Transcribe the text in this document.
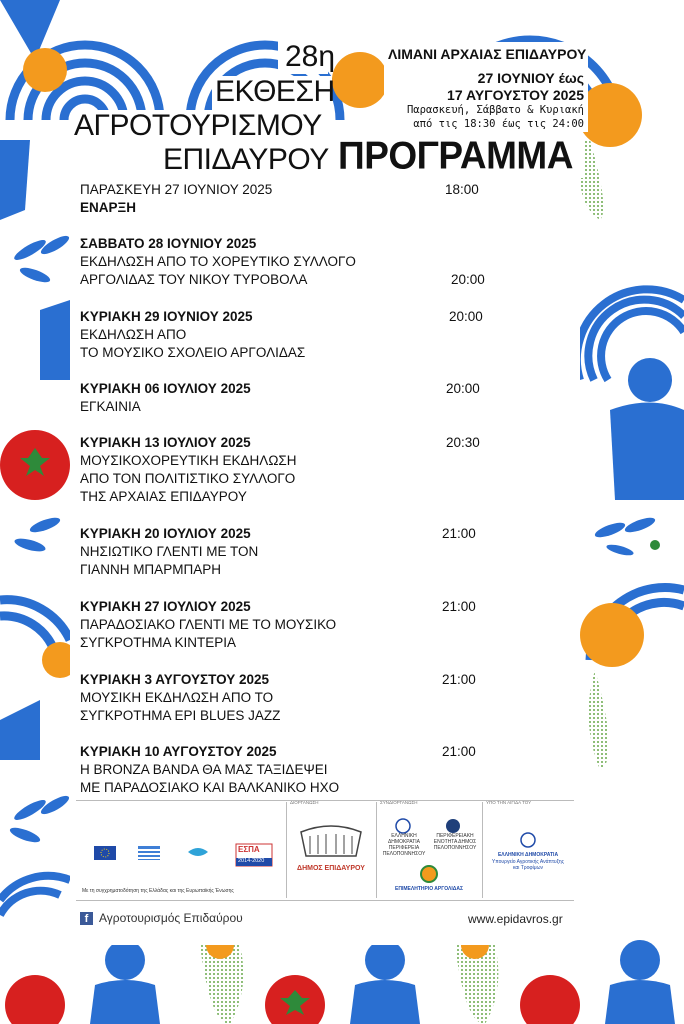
28η
ΕΚΘΕΣΗ
ΑΓΡΟΤΟΥΡΙΣΜΟΥ
ΕΠΙΔΑΥΡΟΥ ΠΡΟΓΡΑΜΜΑ
ΛΙΜΑΝΙ ΑΡΧΑΙΑΣ ΕΠΙΔΑΥΡΟΥ
27 ΙΟΥΝΙΟΥ έως
17 ΑΥΓΟΥΣΤΟΥ 2025
Παρασκευή, Σάββατο & Κυριακή
από τις 18:30 έως τις 24:00
ΠΑΡΑΣΚΕΥΗ 27 ΙΟΥΝΙΟΥ 2025	18:00
ΕΝΑΡΞΗ
ΣΑΒΒΑΤΟ 28 ΙΟΥΝΙΟΥ 2025
ΕΚΔΗΛΩΣΗ ΑΠΟ ΤΟ ΧΟΡΕΥΤΙΚΟ ΣΥΛΛΟΓΟ
ΑΡΓΟΛΙΔΑΣ ΤΟΥ ΝΙΚΟΥ ΤΥΡΟΒΟΛΑ	20:00
ΚΥΡΙΑΚΗ 29 ΙΟΥΝΙΟΥ 2025	20:00
ΕΚΔΗΛΩΣΗ ΑΠΟ
ΤΟ ΜΟΥΣΙΚΟ ΣΧΟΛΕΙΟ ΑΡΓΟΛΙΔΑΣ
ΚΥΡΙΑΚΗ 06 ΙΟΥΛΙΟΥ 2025	20:00
ΕΓΚΑΙΝΙΑ
ΚΥΡΙΑΚΗ 13 ΙΟΥΛΙΟΥ 2025	20:30
ΜΟΥΣΙΚΟΧΟΡΕΥΤΙΚΗ ΕΚΔΗΛΩΣΗ
ΑΠΟ ΤΟΝ ΠΟΛΙΤΙΣΤΙΚΟ ΣΥΛΛΟΓΟ
ΤΗΣ ΑΡΧΑΙΑΣ ΕΠΙΔΑΥΡΟΥ
ΚΥΡΙΑΚΗ 20 ΙΟΥΛΙΟΥ 2025	21:00
ΝΗΣΙΩΤΙΚΟ ΓΛΕΝΤΙ ΜΕ ΤΟΝ
ΓΙΑΝΝΗ ΜΠΑΡΜΠΑΡΗ
ΚΥΡΙΑΚΗ 27 ΙΟΥΛΙΟΥ 2025	21:00
ΠΑΡΑΔΟΣΙΑΚΟ ΓΛΕΝΤΙ ΜΕ ΤΟ ΜΟΥΣΙΚΟ
ΣΥΓΚΡΟΤΗΜΑ ΚΙΝΤΕΡΙΑ
ΚΥΡΙΑΚΗ 3 ΑΥΓΟΥΣΤΟΥ 2025	21:00
ΜΟΥΣΙΚΗ ΕΚΔΗΛΩΣΗ ΑΠΟ ΤΟ
ΣΥΓΚΡΟΤΗΜΑ EPI BLUES JAZZ
ΚΥΡΙΑΚΗ 10 ΑΥΓΟΥΣΤΟΥ 2025	21:00
Η BRONZA BANDA ΘΑ ΜΑΣ ΤΑΞΙΔΕΨΕΙ
ΜΕ ΠΑΡΑΔΟΣΙΑΚΟ ΚΑΙ ΒΑΛΚΑΝΙΚΟ ΗΧΟ
ΕΣΠΑ
2014-2020
Με τη συγχρηματοδότηση της Ελλάδας και της Ευρωπαϊκής Ένωσης
ΔΙΟΡΓΑΝΩΣΗ
ΔΗΜΟΣ ΕΠΙΔΑΥΡΟΥ
ΣΥΝΔΙΟΡΓΑΝΩΣΗ
ΕΛΛΗΝΙΚΗ ΔΗΜΟΚΡΑΤΙΑ ΠΕΡΙΦΕΡΕΙΑ ΠΕΛΟΠΟΝΝΗΣΟΥ
ΠΕΡΙΦΕΡΕΙΑΚΗ ΕΝΟΤΗΤΑ ΔΗΜΟΣ ΠΕΛΟΠΟΝΝΗΣΟΥ
ΕΠΙΜΕΛΗΤΗΡΙΟ ΑΡΓΟΛΙΔΑΣ
ΥΠΟ ΤΗΝ ΑΙΓΙΔΑ ΤΟΥ
ΕΛΛΗΝΙΚΗ ΔΗΜΟΚΡΑΤΙΑ
Υπουργείο Αγροτικής Ανάπτυξης
και Τροφίμων
f Αγροτουρισμός Επιδαύρου	www.epidavros.gr
